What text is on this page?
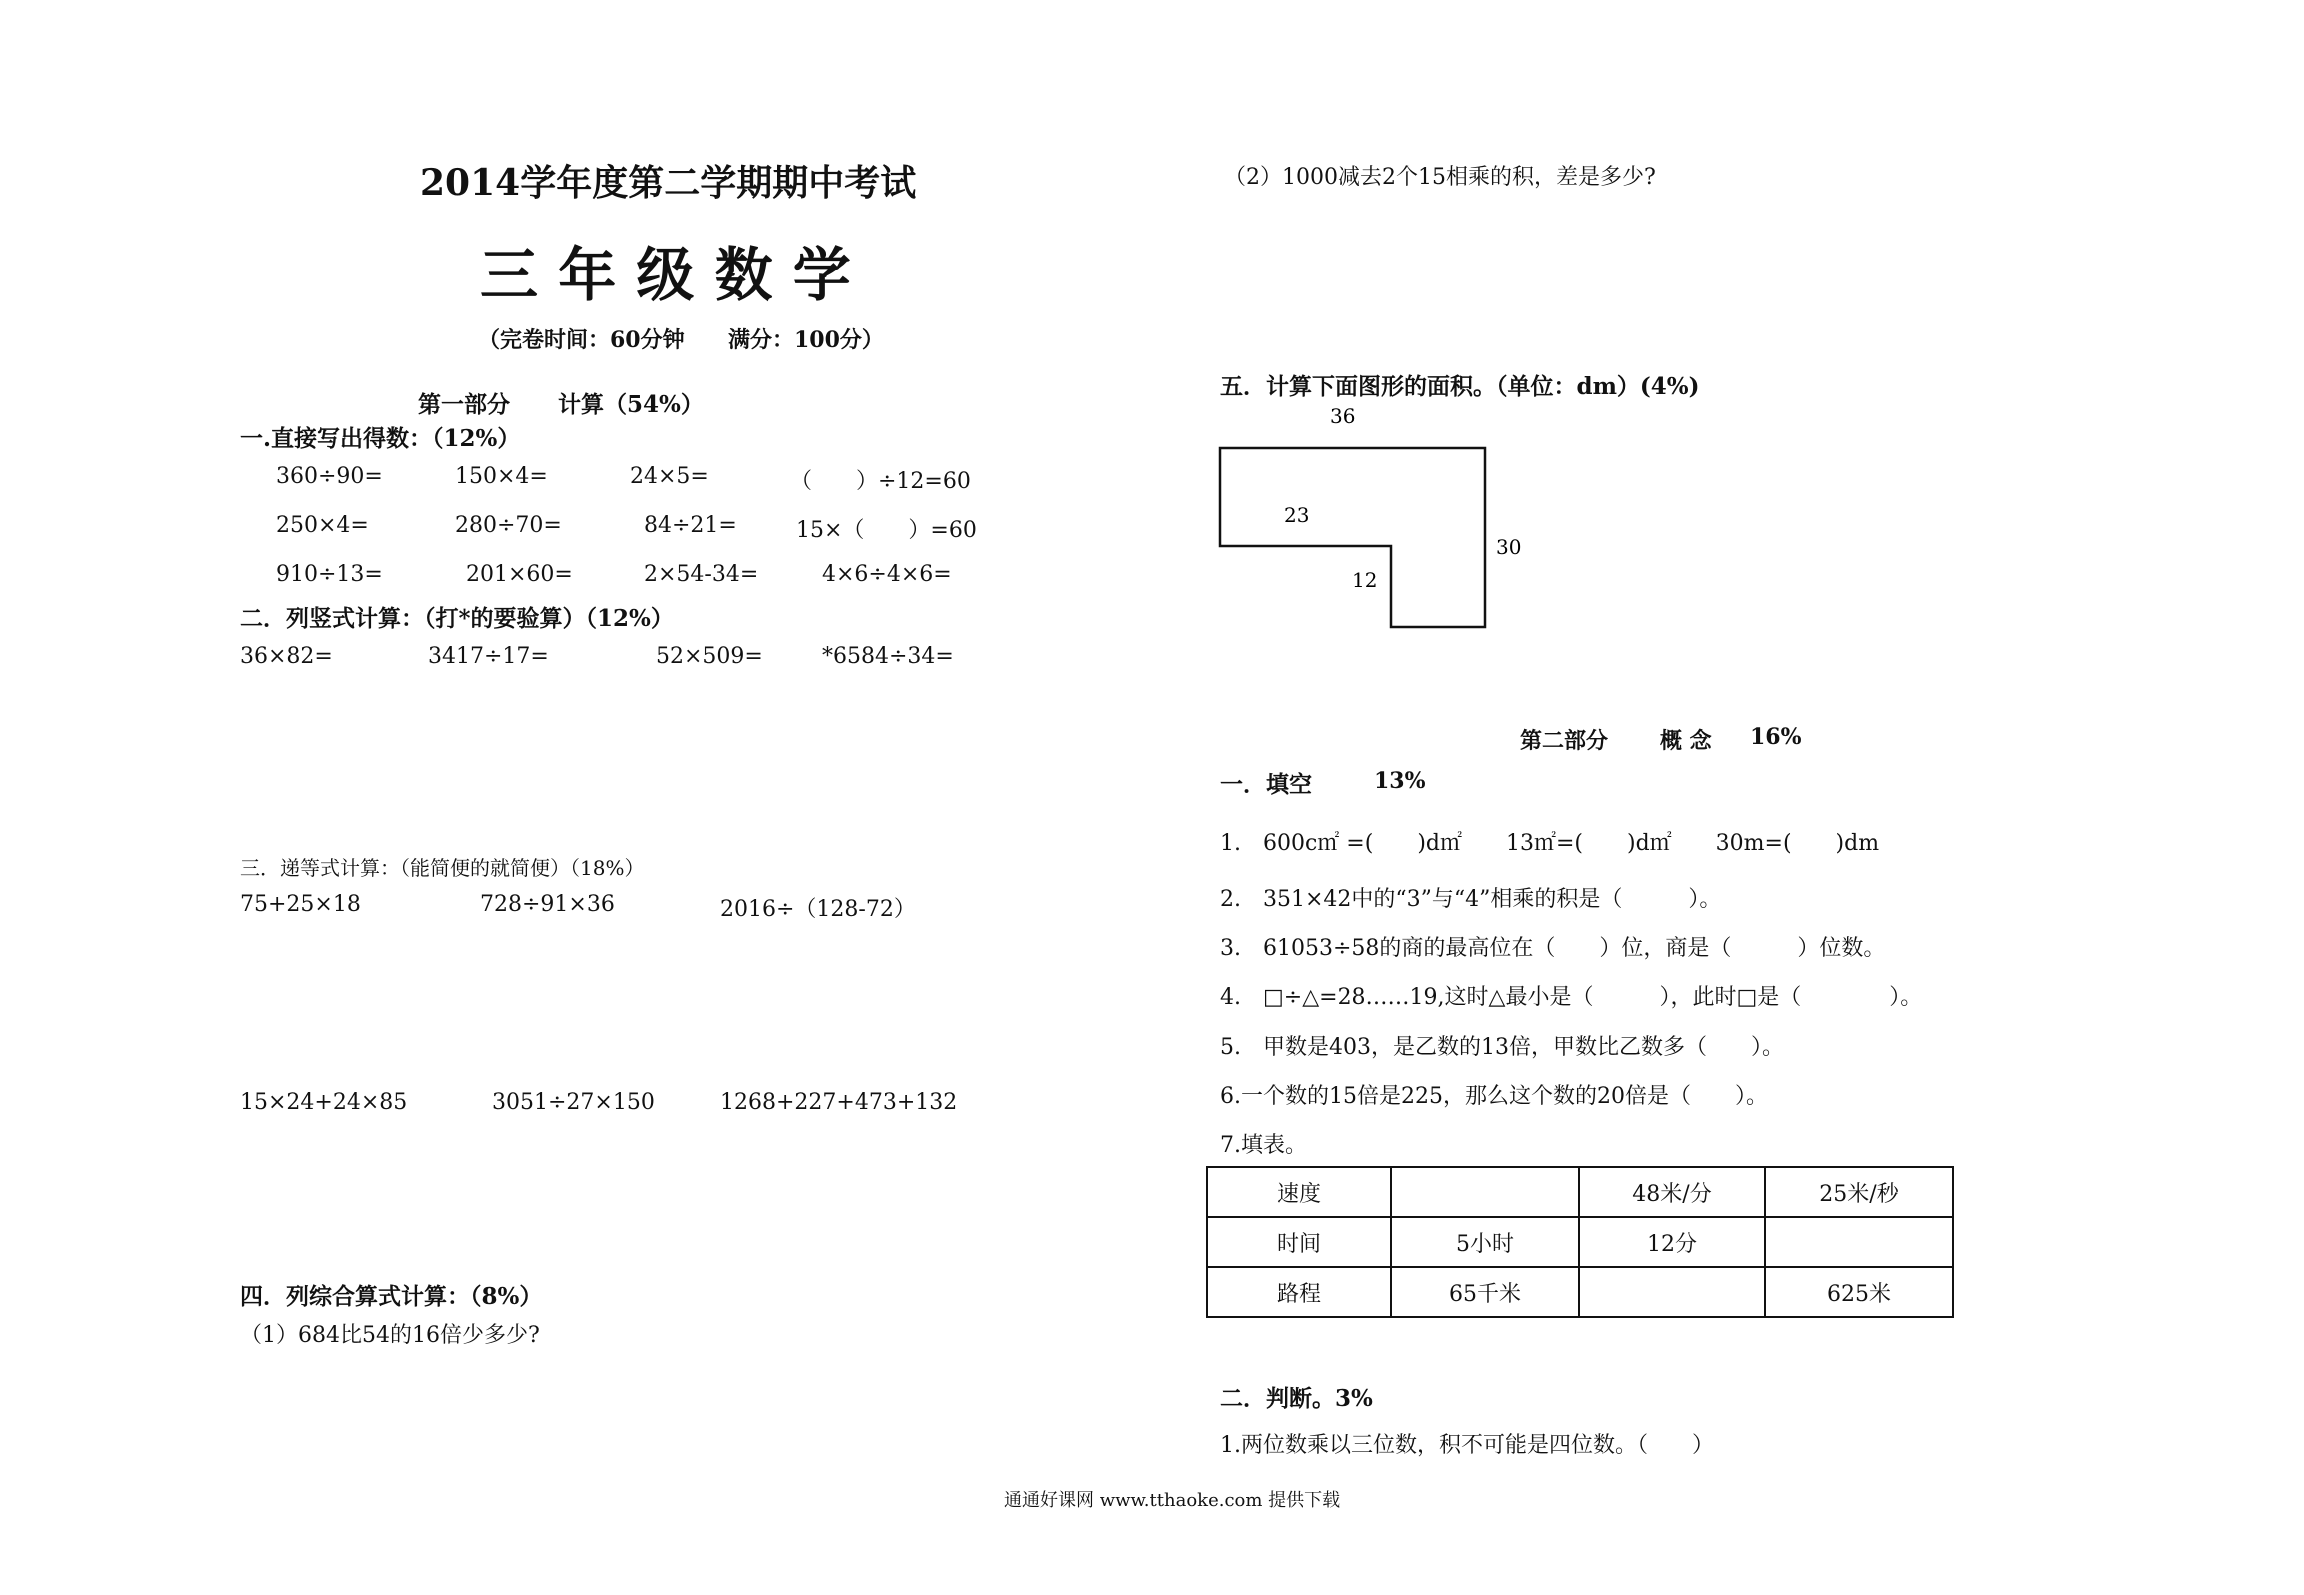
2014学年度第二学期期中考试
三 年 级 数 学
（完卷时间：60分钟 满分：100分）
第一部分 计算（54%）
一.直接写出得数：（12%）
360÷90=	150×4=	24×5=	（　　）÷12=60
250×4=	280÷70=	84÷21=	15×（　　）=60
910÷13=	201×60=	2×54-34=	4×6÷4×6=
二．列竖式计算：（打*的要验算）（12%）
36×82=	3417÷17=	52×509=	*6584÷34=
三．递等式计算：（能简便的就简便）（18%）
75+25×18	728÷91×36	2016÷（128-72）
15×24+24×85	3051÷27×150	1268+227+473+132
四．列综合算式计算：（8%）
（1）684比54的16倍少多少?
（2）1000减去2个15相乘的积，差是多少?
五．计算下面图形的面积。（单位：dm）(4%)
36
23
12
30
第二部分 概 念 16%
一．填空	13%
1.　600c㎡ =(　　)d㎡　　13㎡=(　　)d㎡　　30m=(　　)dm
2.　351×42中的“3”与“4”相乘的积是（　　　）。
3.　61053÷58的商的最高位在（　　）位，商是（　　　）位数。
4.　□÷△=28……19,这时△最小是（　　　），此时□是（　　　　）。
5.　甲数是403，是乙数的13倍，甲数比乙数多（　　）。
6.一个数的15倍是225，那么这个数的20倍是（　　）。
7.填表。
速度		48米/分	25米/秒
时间	5小时	12分	
路程	65千米		625米
二．判断。3%
1.两位数乘以三位数，积不可能是四位数。（　　）
通通好课网 www.tthaoke.com 提供下载
